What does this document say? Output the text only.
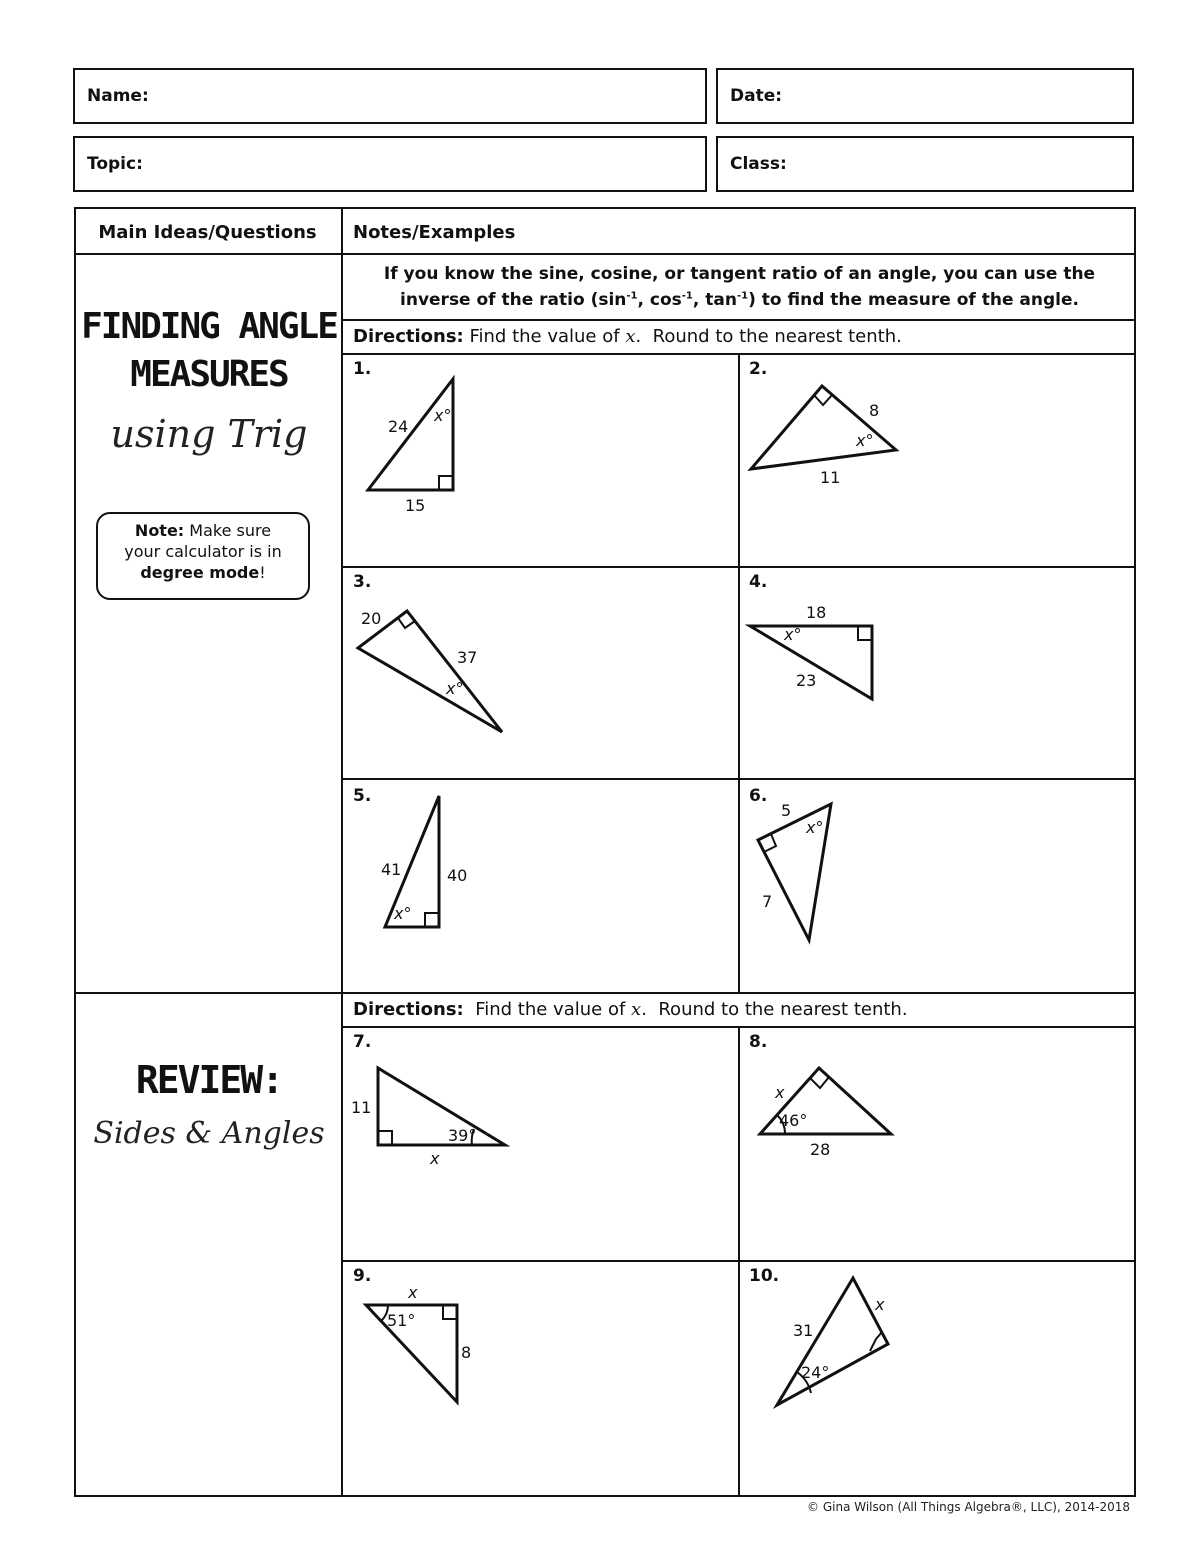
Name:	Date:
Topic:	Class:
Main Ideas/Questions	Notes/Examples
FINDING ANGLE
MEASURES
using Trig
Note: Make sure
your calculator is in
degree mode!
If you know the sine, cosine, or tangent ratio of an angle, you can use the
inverse of the ratio ($\sin^{-1}$, $\cos^{-1}$, $\tan^{-1}$) to find the measure of the angle.
Directions: Find the value of x.  Round to the nearest tenth.
1.	2.
3.	4.
5.	6.
REVIEW:
Sides & Angles
Directions: Find the value of x.  Round to the nearest tenth.
7.	8.
9.	10.
24
x°
15
8
x°
11
20
37
x°
18
x°
23
41	40
x°
5
x°
7
11
39°
x
x
46°
28
x
51°
8
31
x
24°
© Gina Wilson (All Things Algebra®, LLC), 2014-2018
